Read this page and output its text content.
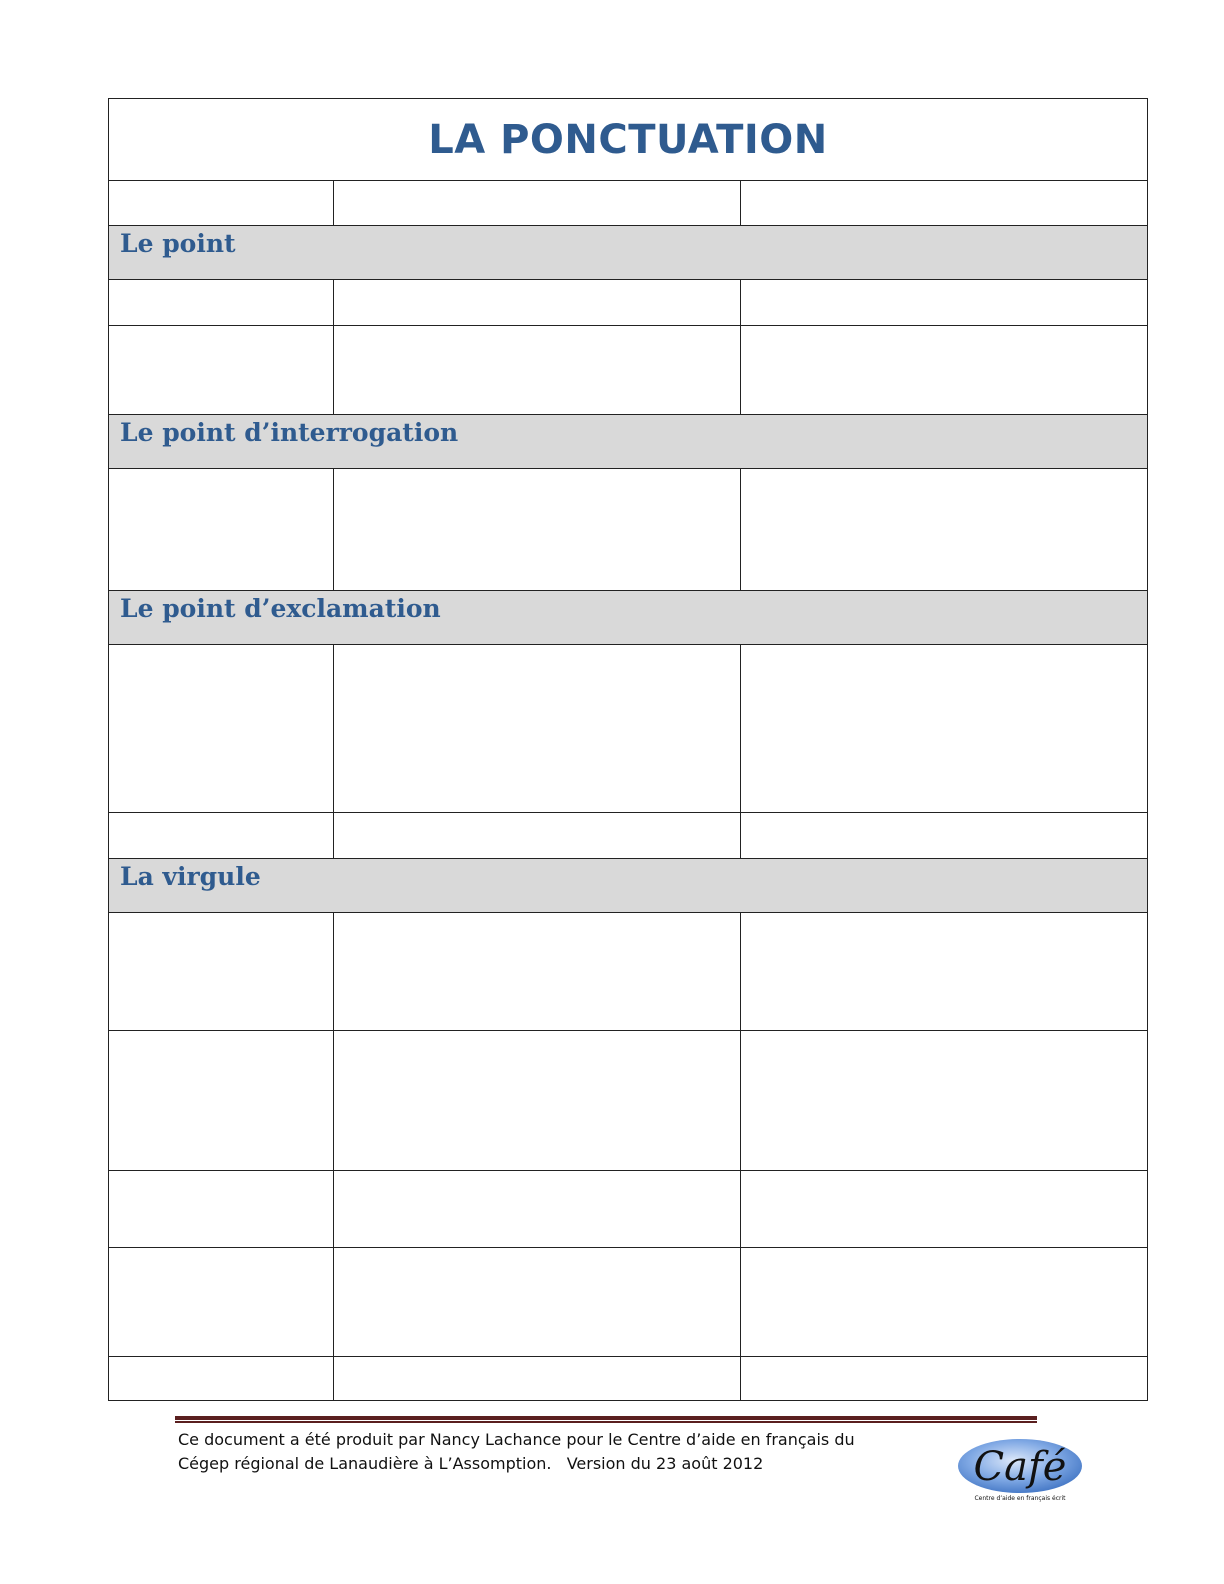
LA PONCTUATION		

Le point		

Le point d’interrogation		

Le point d’exclamation		

La virgule		

Ce document a été produit par Nancy Lachance pour le Centre d’aide en français du
Cégep régional de Lanaudière à L’Assomption.   Version du 23 août 2012	Café
Centre d’aide en français écrit
